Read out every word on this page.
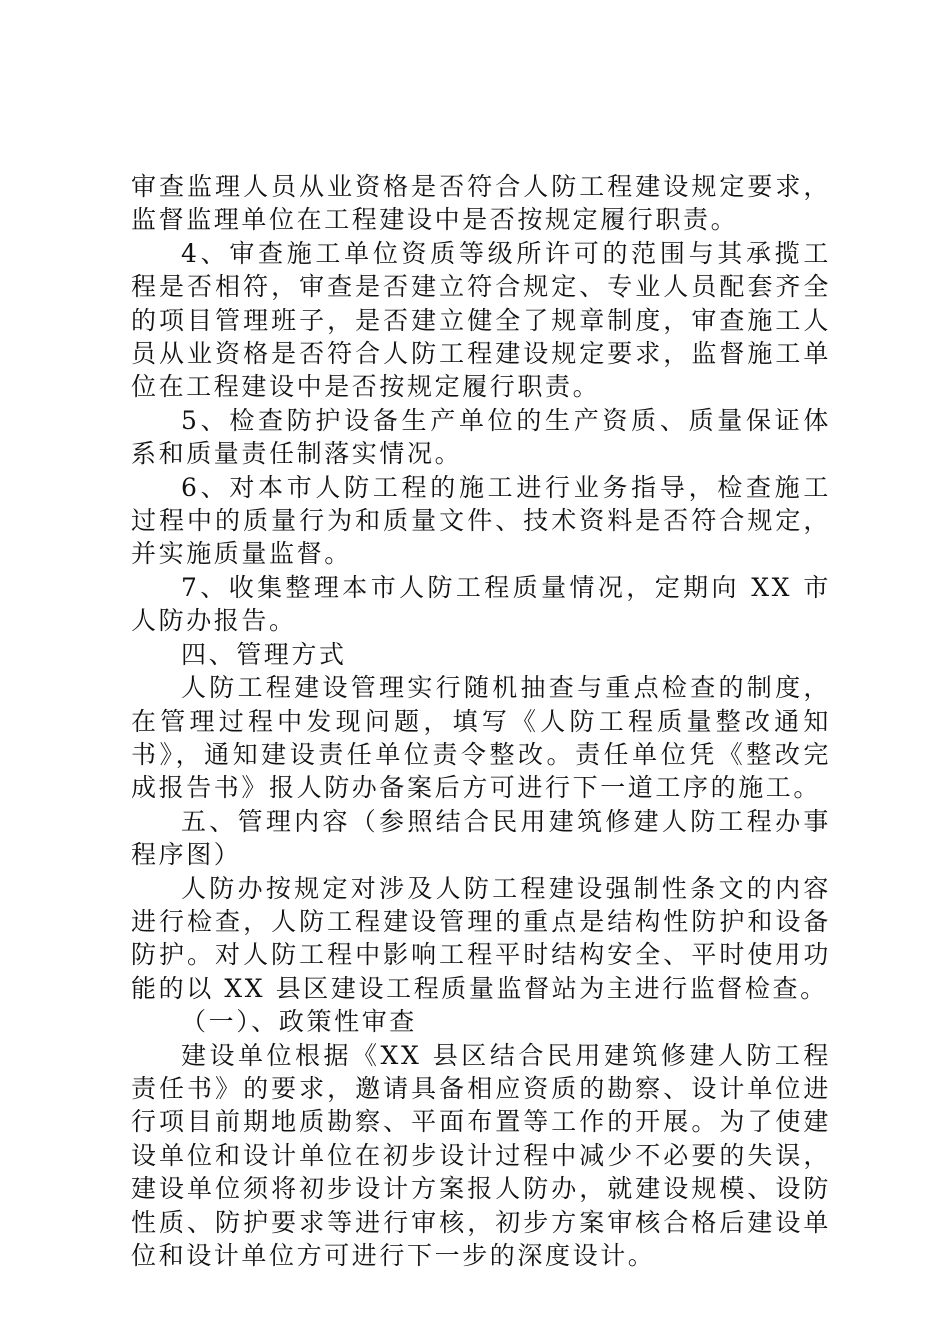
审查监理人员从业资格是否符合人防工程建设规定要求，监督监理单位在工程建设中是否按规定履行职责。

4、审查施工单位资质等级所许可的范围与其承揽工程是否相符，审查是否建立符合规定、专业人员配套齐全的项目管理班子，是否建立健全了规章制度，审查施工人员从业资格是否符合人防工程建设规定要求，监督施工单位在工程建设中是否按规定履行职责。

5、检查防护设备生产单位的生产资质、质量保证体系和质量责任制落实情况。

6、对本市人防工程的施工进行业务指导，检查施工过程中的质量行为和质量文件、技术资料是否符合规定，并实施质量监督。

7、收集整理本市人防工程质量情况，定期向 XX 市人防办报告。

四、管理方式

人防工程建设管理实行随机抽查与重点检查的制度，在管理过程中发现问题，填写《人防工程质量整改通知书》，通知建设责任单位责令整改。责任单位凭《整改完成报告书》报人防办备案后方可进行下一道工序的施工。

五、管理内容（参照结合民用建筑修建人防工程办事程序图）

人防办按规定对涉及人防工程建设强制性条文的内容进行检查，人防工程建设管理的重点是结构性防护和设备防护。对人防工程中影响工程平时结构安全、平时使用功能的以 XX 县区建设工程质量监督站为主进行监督检查。

（一）、政策性审查

建设单位根据《XX 县区结合民用建筑修建人防工程责任书》的要求，邀请具备相应资质的勘察、设计单位进行项目前期地质勘察、平面布置等工作的开展。为了使建设单位和设计单位在初步设计过程中减少不必要的失误，建设单位须将初步设计方案报人防办，就建设规模、设防性质、防护要求等进行审核，初步方案审核合格后建设单位和设计单位方可进行下一步的深度设计。
